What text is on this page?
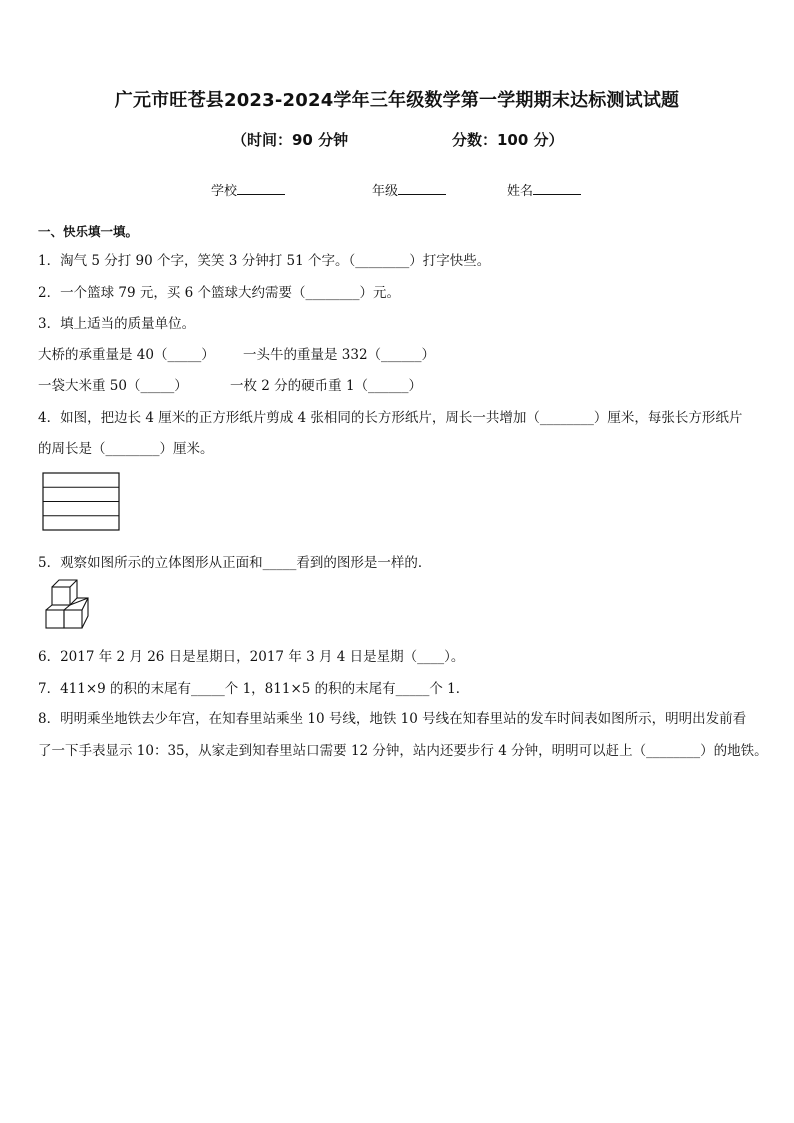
广元市旺苍县2023-2024学年三年级数学第一学期期末达标测试试题
（时间：90 分钟	分数：100 分）
学校	年级	姓名
一、快乐填一填。
1．淘气 5 分打 90 个字，笑笑 3 分钟打 51 个字。（________）打字快些。
2．一个篮球 79 元，买 6 个篮球大约需要（________）元。
3．填上适当的质量单位。
大桥的承重量是 40（_____） 一头牛的重量是 332（______）
一袋大米重 50（_____）	一枚 2 分的硬币重 1（______）
4．如图，把边长 4 厘米的正方形纸片剪成 4 张相同的长方形纸片，周长一共增加（________）厘米，每张长方形纸片
的周长是（________）厘米。
5．观察如图所示的立体图形从正面和_____看到的图形是一样的．
6．2017 年 2 月 26 日是星期日，2017 年 3 月 4 日是星期（____）。
7．411×9 的积的末尾有_____个 1，811×5 的积的末尾有_____个 1．
8．明明乘坐地铁去少年宫，在知春里站乘坐 10 号线，地铁 10 号线在知春里站的发车时间表如图所示，明明出发前看
了一下手表显示 10：35，从家走到知春里站口需要 12 分钟，站内还要步行 4 分钟，明明可以赶上（________）的地铁。
